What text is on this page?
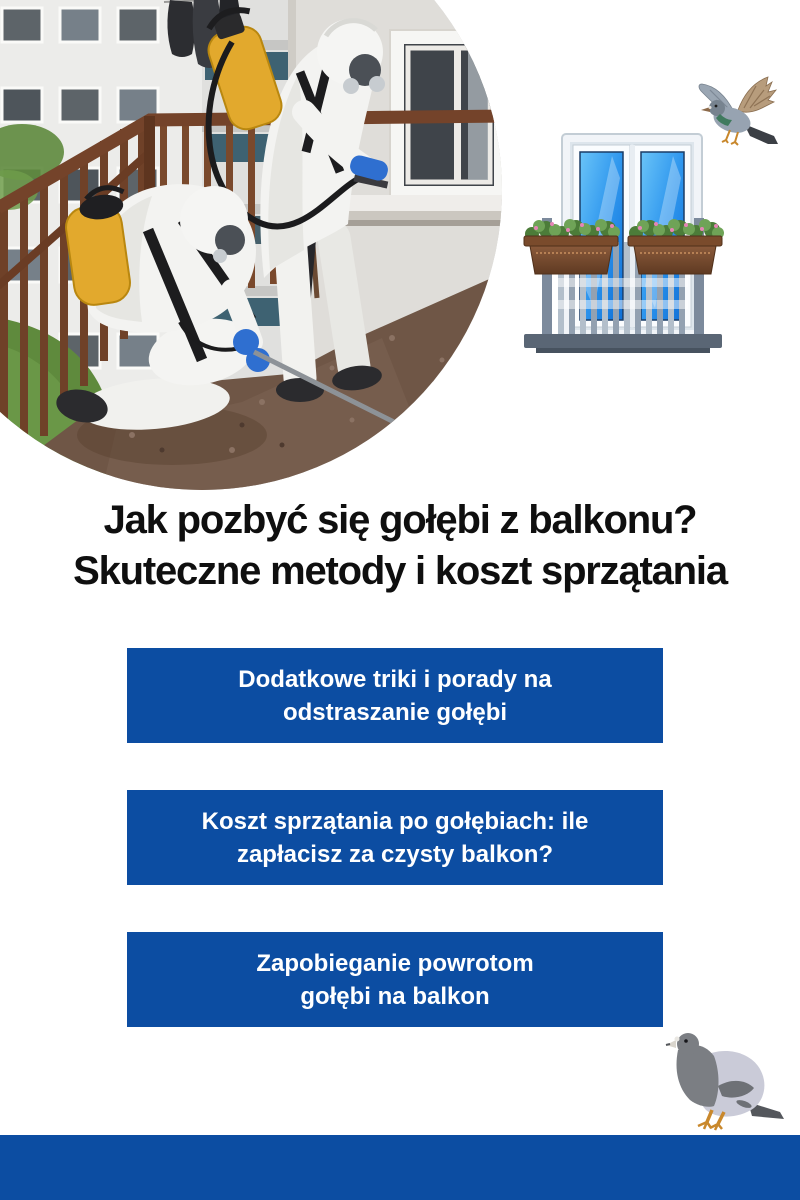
Jak pozbyć się gołębi z balkonu?
Skuteczne metody i koszt sprzątania
Dodatkowe triki i porady na
odstraszanie gołębi
Koszt sprzątania po gołębiach: ile
zapłacisz za czysty balkon?
Zapobieganie powrotom
gołębi na balkon
